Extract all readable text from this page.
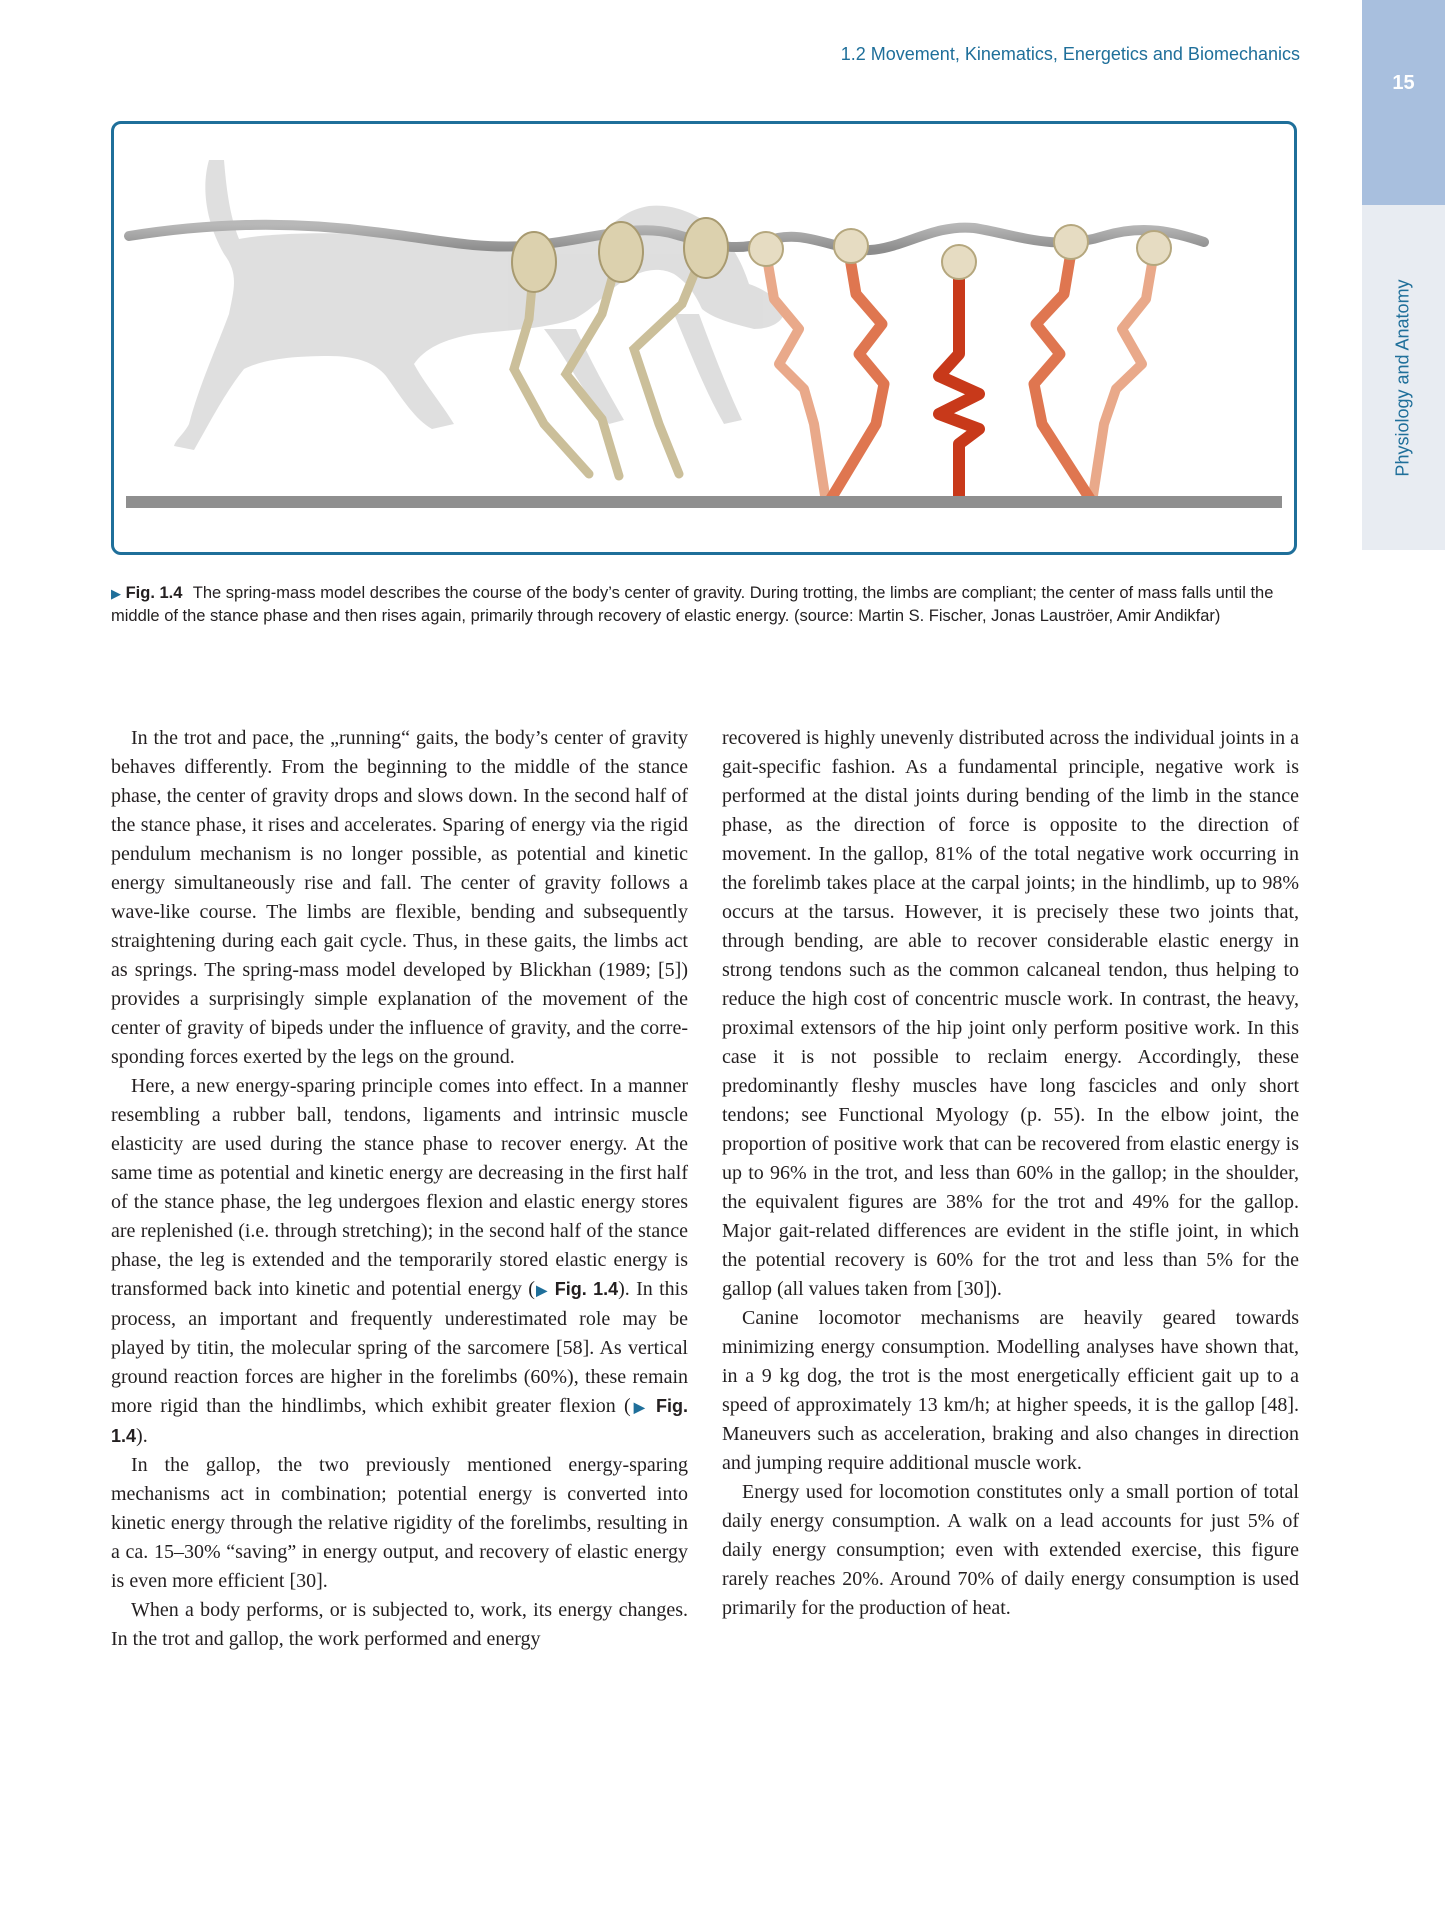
1.2 Movement, Kinematics, Energetics and Biomechanics
15
Physiology and Anatomy
▶ Fig. 1.4 The spring-mass model describes the course of the body’s center of gravity. During trotting, the limbs are compliant; the center of mass falls until the middle of the stance phase and then rises again, primarily through recovery of elastic energy. (source: Martin S. Fischer, Jonas Lauströer, Amir Andikfar)

In the trot and pace, the „running“ gaits, the body’s center of gravity behaves differently. From the beginning to the middle of the stance phase, the center of gravity drops and slows down. In the second half of the stance phase, it rises and accelerates. Sparing of energy via the rigid pendulum mechanism is no longer possible, as potential and kinetic energy simultaneously rise and fall. The center of gravity follows a wave-like course. The limbs are flexible, bending and subsequently straightening during each gait cycle. Thus, in these gaits, the limbs act as springs. The spring-mass model developed by Blickhan (1989; [5]) provides a surprisingly simple explanation of the movement of the center of gravity of bipeds under the influence of gravity, and the corresponding forces exerted by the legs on the ground.

Here, a new energy-sparing principle comes into effect. In a manner resembling a rubber ball, tendons, ligaments and intrinsic muscle elasticity are used during the stance phase to recover energy. At the same time as potential and kinetic energy are decreasing in the first half of the stance phase, the leg undergoes flexion and elastic energy stores are replenished (i.e. through stretching); in the second half of the stance phase, the leg is extended and the temporarily stored elastic energy is transformed back into kinetic and potential energy (▶ Fig. 1.4). In this process, an important and frequently underestimated role may be played by titin, the molecular spring of the sarcomere [58]. As vertical ground reaction forces are higher in the forelimbs (60%), these remain more rigid than the hindlimbs, which exhibit greater flexion (▶ Fig. 1.4).

In the gallop, the two previously mentioned energy-sparing mechanisms act in combination; potential energy is converted into kinetic energy through the relative rigidity of the forelimbs, resulting in a ca. 15–30% “saving” in energy output, and recovery of elastic energy is even more efficient [30].

When a body performs, or is subjected to, work, its energy changes. In the trot and gallop, the work performed and energy

recovered is highly unevenly distributed across the individual joints in a gait-specific fashion. As a fundamental principle, negative work is performed at the distal joints during bending of the limb in the stance phase, as the direction of force is opposite to the direction of movement. In the gallop, 81% of the total negative work occurring in the forelimb takes place at the carpal joints; in the hindlimb, up to 98% occurs at the tarsus. However, it is precisely these two joints that, through bending, are able to recover considerable elastic energy in strong tendons such as the common calcaneal tendon, thus helping to reduce the high cost of concentric muscle work. In contrast, the heavy, proximal extensors of the hip joint only perform positive work. In this case it is not possible to reclaim energy. Accordingly, these predominantly fleshy muscles have long fascicles and only short tendons; see Functional Myology (p. 55). In the elbow joint, the proportion of positive work that can be recovered from elastic energy is up to 96% in the trot, and less than 60% in the gallop; in the shoulder, the equivalent figures are 38% for the trot and 49% for the gallop. Major gait-related differences are evident in the stifle joint, in which the potential recovery is 60% for the trot and less than 5% for the gallop (all values taken from [30]).

Canine locomotor mechanisms are heavily geared towards minimizing energy consumption. Modelling analyses have shown that, in a 9 kg dog, the trot is the most energetically efficient gait up to a speed of approximately 13 km/h; at higher speeds, it is the gallop [48]. Maneuvers such as acceleration, braking and also changes in direction and jumping require additional muscle work.

Energy used for locomotion constitutes only a small portion of total daily energy consumption. A walk on a lead accounts for just 5% of daily energy consumption; even with extended exercise, this figure rarely reaches 20%. Around 70% of daily energy consumption is used primarily for the production of heat.
